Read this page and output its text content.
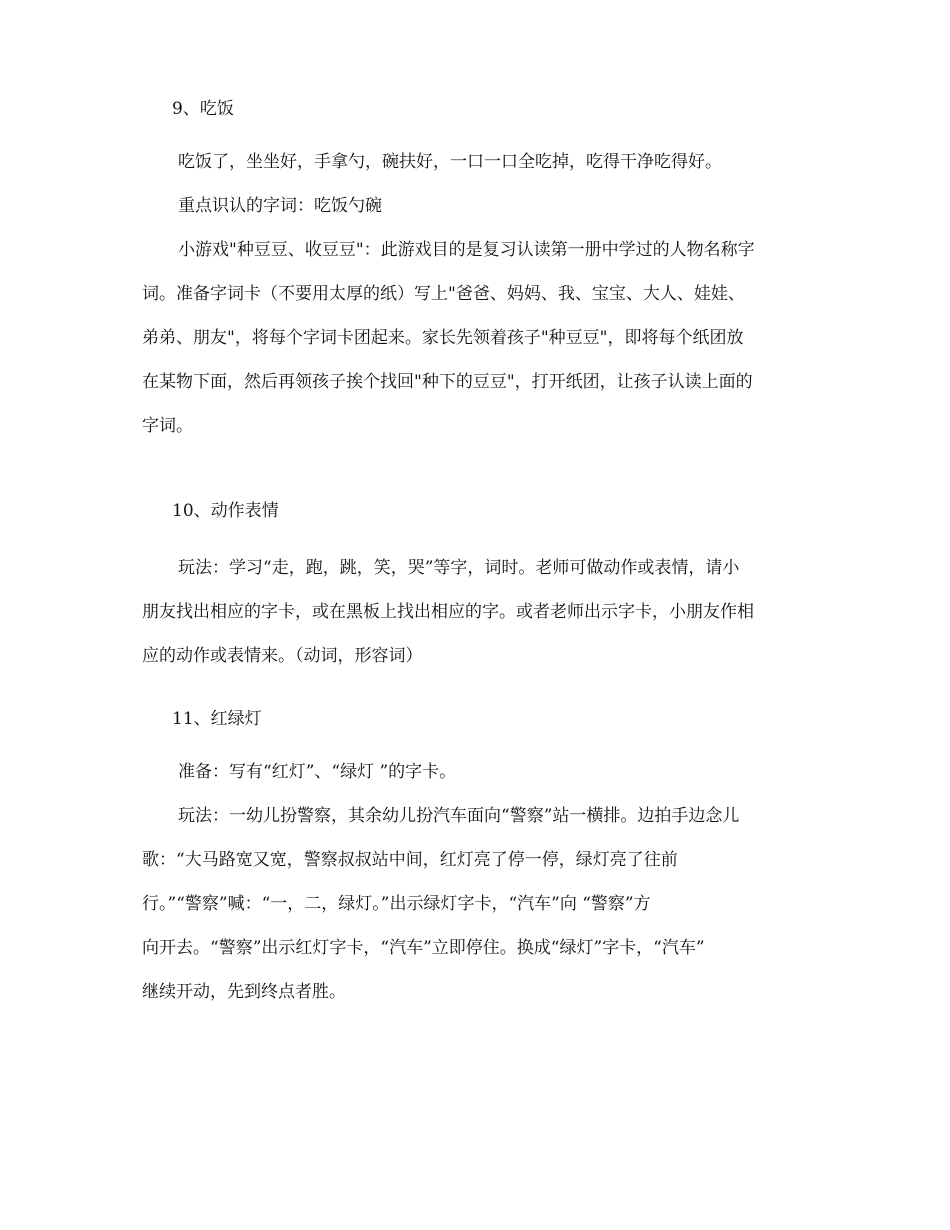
9、吃饭

吃饭了，坐坐好，手拿勺，碗扶好，一口一口全吃掉，吃得干净吃得好。

重点识认的字词：吃饭勺碗

小游戏"种豆豆、收豆豆"：此游戏目的是复习认读第一册中学过的人物名称字
词。准备字词卡（不要用太厚的纸）写上"爸爸、妈妈、我、宝宝、大人、娃娃、
弟弟、朋友"，将每个字词卡团起来。家长先领着孩子"种豆豆"，即将每个纸团放
在某物下面，然后再领孩子挨个找回"种下的豆豆"，打开纸团，让孩子认读上面的
字词。

10、动作表情

玩法：学习“走，跑，跳，笑，哭”等字，词时。老师可做动作或表情，请小
朋友找出相应的字卡，或在黑板上找出相应的字。或者老师出示字卡，小朋友作相
应的动作或表情来。（动词，形容词）

11、红绿灯

准备：写有“红灯”、“绿灯 ”的字卡。

玩法：一幼儿扮警察，其余幼儿扮汽车面向“警察”站一横排。边拍手边念儿
歌：“大马路宽又宽，警察叔叔站中间，红灯亮了停一停，绿灯亮了往前
行。”“警察”喊：“一，二，绿灯。”出示绿灯字卡，“汽车”向 “警察”方
向开去。“警察”出示红灯字卡，“汽车”立即停住。换成“绿灯”字卡，“汽车”
继续开动，先到终点者胜。
